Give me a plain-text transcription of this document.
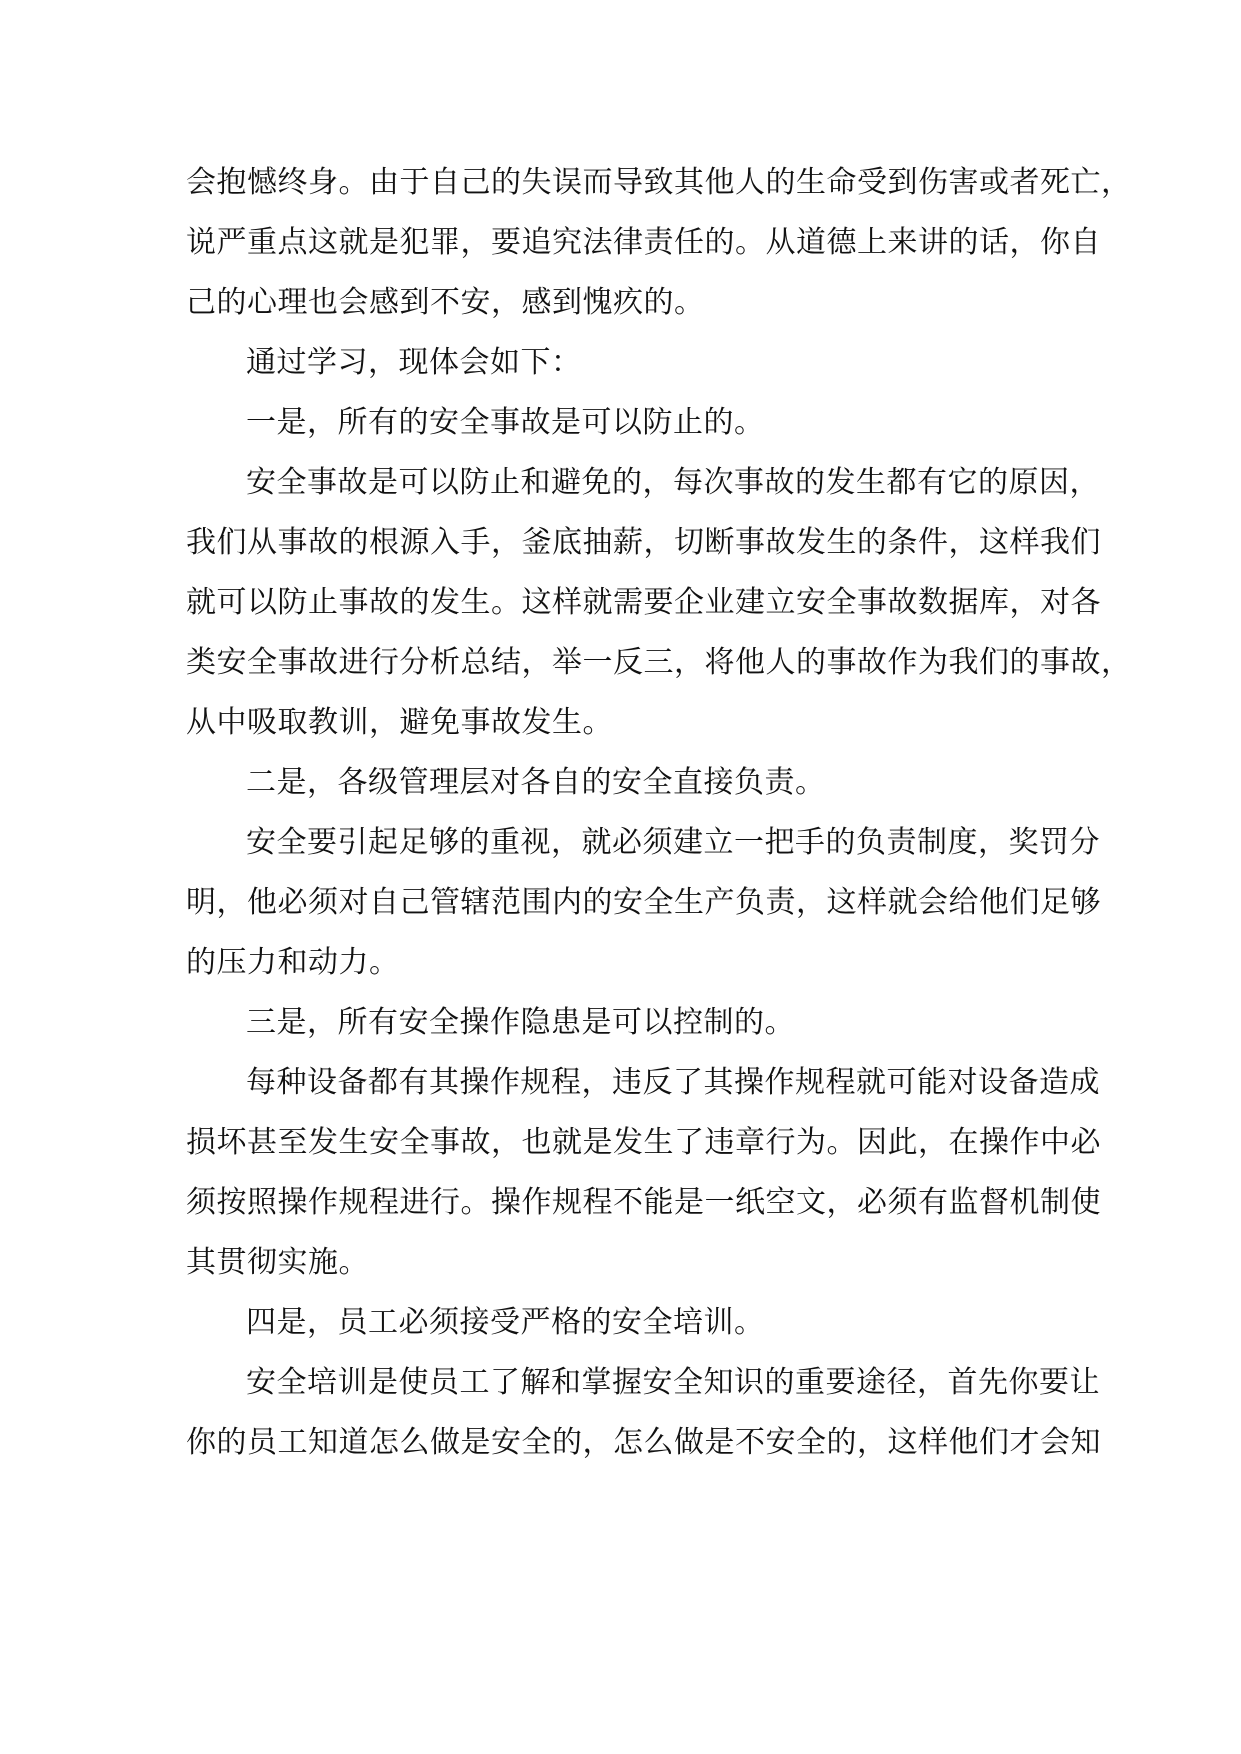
会抱憾终身。由于自己的失误而导致其他人的生命受到伤害或者死亡，
说严重点这就是犯罪，要追究法律责任的。从道德上来讲的话，你自
己的心理也会感到不安，感到愧疚的。
通过学习，现体会如下：
一是，所有的安全事故是可以防止的。
安全事故是可以防止和避免的，每次事故的发生都有它的原因，
我们从事故的根源入手，釜底抽薪，切断事故发生的条件，这样我们
就可以防止事故的发生。这样就需要企业建立安全事故数据库，对各
类安全事故进行分析总结，举一反三，将他人的事故作为我们的事故，
从中吸取教训，避免事故发生。
二是，各级管理层对各自的安全直接负责。
安全要引起足够的重视，就必须建立一把手的负责制度，奖罚分
明，他必须对自己管辖范围内的安全生产负责，这样就会给他们足够
的压力和动力。
三是，所有安全操作隐患是可以控制的。
每种设备都有其操作规程，违反了其操作规程就可能对设备造成
损坏甚至发生安全事故，也就是发生了违章行为。因此，在操作中必
须按照操作规程进行。操作规程不能是一纸空文，必须有监督机制使
其贯彻实施。
四是，员工必须接受严格的安全培训。
安全培训是使员工了解和掌握安全知识的重要途径，首先你要让
你的员工知道怎么做是安全的，怎么做是不安全的，这样他们才会知
